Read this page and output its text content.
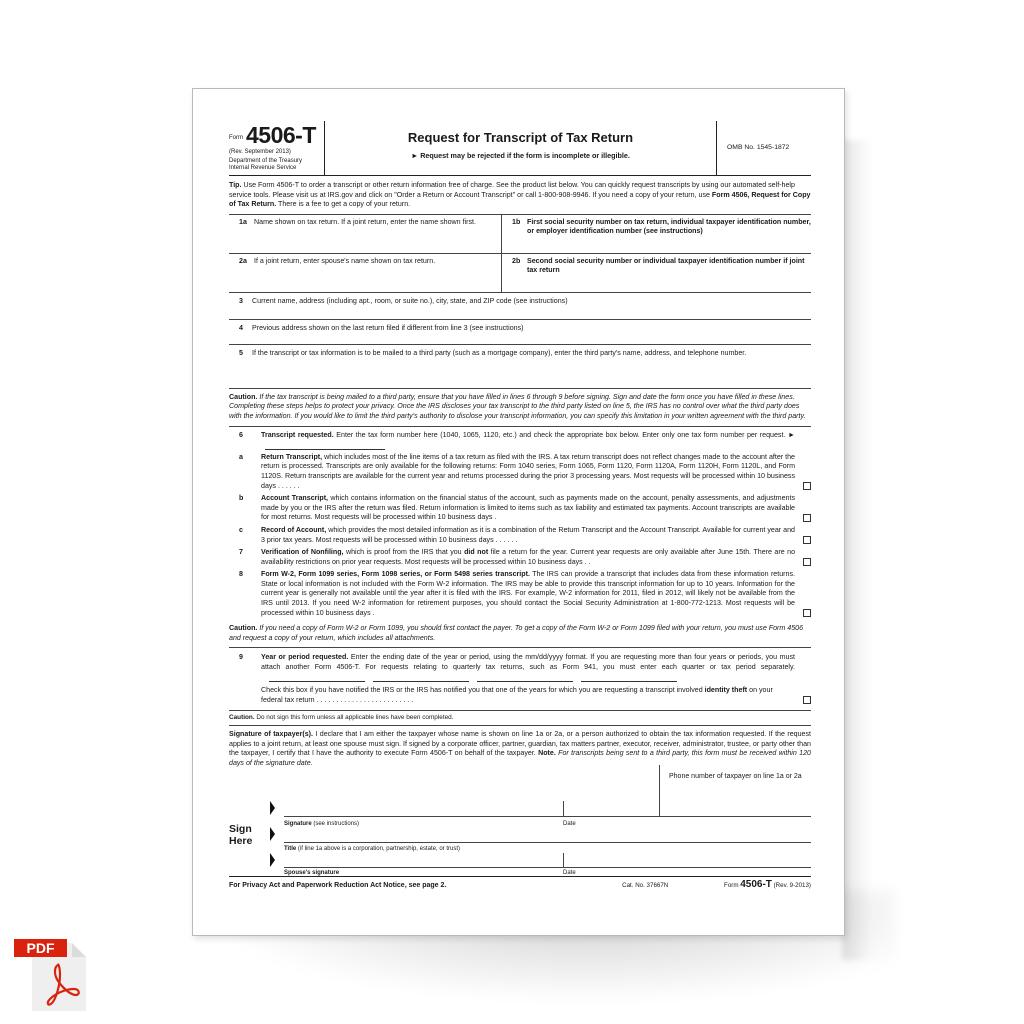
Form 4506-T
(Rev. September 2013)
Department of the Treasury
Internal Revenue Service
Request for Transcript of Tax Return
► Request may be rejected if the form is incomplete or illegible.
OMB No. 1545-1872
Tip. Use Form 4506-T to order a transcript or other return information free of charge. See the product list below. You can quickly request transcripts by using our automated self-help service tools. Please visit us at IRS.gov and click on "Order a Return or Account Transcript" or call 1-800-908-9946. If you need a copy of your return, use Form 4506, Request for Copy of Tax Return. There is a fee to get a copy of your return.
1a	Name shown on tax return. If a joint return, enter the name shown first.	1b First social security number on tax return, individual taxpayer identification number, or employer identification number (see instructions)
2a	If a joint return, enter spouse's name shown on tax return.	2b Second social security number or individual taxpayer identification number if joint tax return
3	Current name, address (including apt., room, or suite no.), city, state, and ZIP code (see instructions)
4	Previous address shown on the last return filed if different from line 3 (see instructions)
5	If the transcript or tax information is to be mailed to a third party (such as a mortgage company), enter the third party's name, address, and telephone number.
Caution. If the tax transcript is being mailed to a third party, ensure that you have filled in lines 6 through 9 before signing. Sign and date the form once you have filled in these lines. Completing these steps helps to protect your privacy. Once the IRS discloses your tax transcript to the third party listed on line 5, the IRS has no control over what the third party does with the information. If you would like to limit the third party's authority to disclose your transcript information, you can specify this limitation in your written agreement with the third party.
6	Transcript requested. Enter the tax form number here (1040, 1065, 1120, etc.) and check the appropriate box below. Enter only one tax form number per request. ►
a	Return Transcript, which includes most of the line items of a tax return as filed with the IRS. A tax return transcript does not reflect changes made to the account after the return is processed. Transcripts are only available for the following returns: Form 1040 series, Form 1065, Form 1120, Form 1120A, Form 1120H, Form 1120L, and Form 1120S. Return transcripts are available for the current year and returns processed during the prior 3 processing years. Most requests will be processed within 10 business days . . . . . .
b	Account Transcript, which contains information on the financial status of the account, such as payments made on the account, penalty assessments, and adjustments made by you or the IRS after the return was filed. Return information is limited to items such as tax liability and estimated tax payments. Account transcripts are available for most returns. Most requests will be processed within 10 business days .
c	Record of Account, which provides the most detailed information as it is a combination of the Return Transcript and the Account Transcript. Available for current year and 3 prior tax years. Most requests will be processed within 10 business days . . . . . .
7	Verification of Nonfiling, which is proof from the IRS that you did not file a return for the year. Current year requests are only available after June 15th. There are no availability restrictions on prior year requests. Most requests will be processed within 10 business days . .
8	Form W-2, Form 1099 series, Form 1098 series, or Form 5498 series transcript. The IRS can provide a transcript that includes data from these information returns. State or local information is not included with the Form W-2 information. The IRS may be able to provide this transcript information for up to 10 years. Information for the current year is generally not available until the year after it is filed with the IRS. For example, W-2 information for 2011, filed in 2012, will likely not be available from the IRS until 2013. If you need W-2 information for retirement purposes, you should contact the Social Security Administration at 1-800-772-1213. Most requests will be processed within 10 business days .
Caution. If you need a copy of Form W-2 or Form 1099, you should first contact the payer. To get a copy of the Form W-2 or Form 1099 filed with your return, you must use Form 4506 and request a copy of your return, which includes all attachments.
9	Year or period requested. Enter the ending date of the year or period, using the mm/dd/yyyy format. If you are requesting more than four years or periods, you must attach another Form 4506-T. For requests relating to quarterly tax returns, such as Form 941, you must enter each quarter or tax period separately.
Check this box if you have notified the IRS or the IRS has notified you that one of the years for which you are requesting a transcript involved identity theft on your federal tax return . . . . . . . . . . . . . . . . . . . . . . . . .
Caution. Do not sign this form unless all applicable lines have been completed.
Signature of taxpayer(s). I declare that I am either the taxpayer whose name is shown on line 1a or 2a, or a person authorized to obtain the tax information requested. If the request applies to a joint return, at least one spouse must sign. If signed by a corporate officer, partner, guardian, tax matters partner, executor, receiver, administrator, trustee, or party other than the taxpayer, I certify that I have the authority to execute Form 4506-T on behalf of the taxpayer. Note. For transcripts being sent to a third party, this form must be received within 120 days of the signature date.
Phone number of taxpayer on line 1a or 2a
Signature (see instructions)	Date
Sign
Here
Title (if line 1a above is a corporation, partnership, estate, or trust)
Spouse's signature	Date
For Privacy Act and Paperwork Reduction Act Notice, see page 2.	Cat. No. 37667N	Form 4506-T (Rev. 9-2013)
PDF
